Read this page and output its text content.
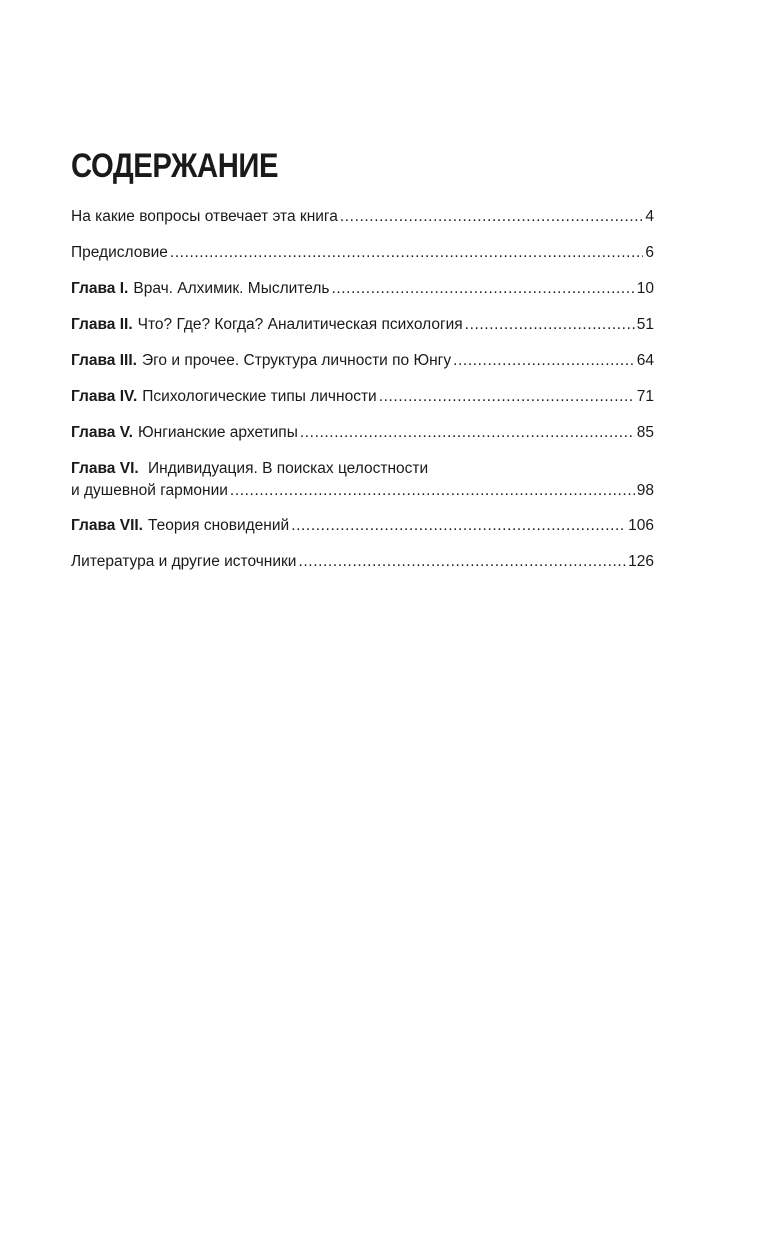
СОДЕРЖАНИЕ
На какие вопросы отвечает эта книга .....	4
Предисловие .....	6
Глава I. Врач. Алхимик. Мыслитель .....	10
Глава II. Что? Где? Когда? Аналитическая психология .....	51
Глава III. Эго и прочее. Структура личности по Юнгу .....	64
Глава IV. Психологические типы личности .....	71
Глава V. Юнгианские архетипы .....	85
Глава VI. Индивидуация. В поисках целостности
и душевной гармонии .....	98
Глава VII. Теория сновидений .....	106
Литература и другие источники .....	126
